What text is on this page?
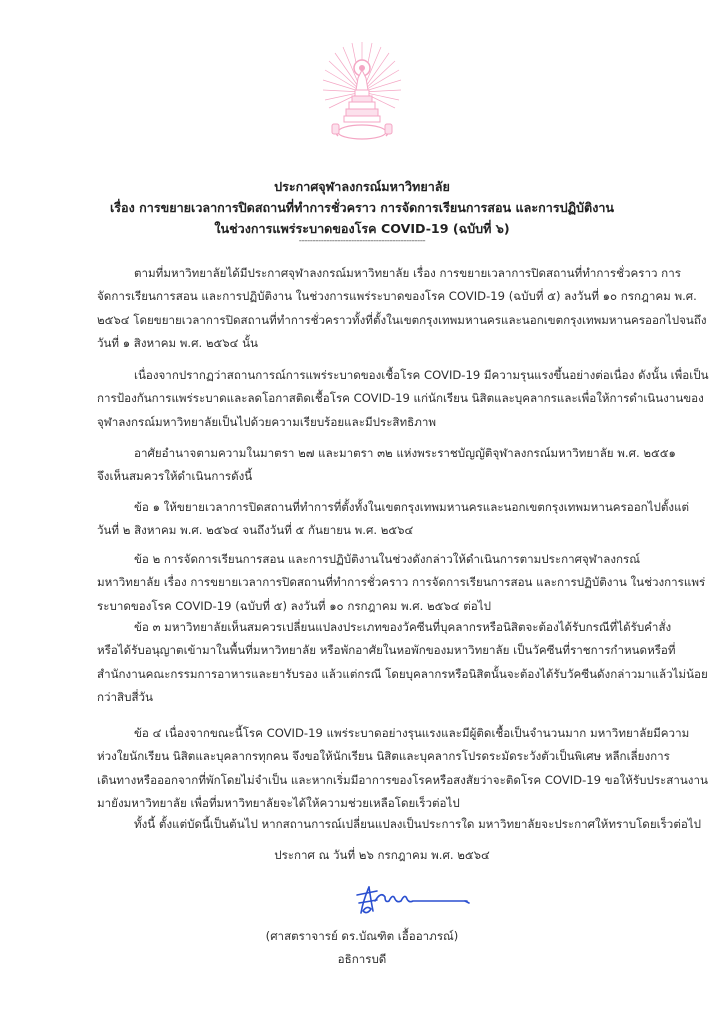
ประกาศจุฬาลงกรณ์มหาวิทยาลัย
เรื่อง การขยายเวลาการปิดสถานที่ทำการชั่วคราว การจัดการเรียนการสอน และการปฏิบัติงาน
ในช่วงการแพร่ระบาดของโรค COVID-19 (ฉบับที่ ๖)
----------------------------------------------
ตามที่มหาวิทยาลัยได้มีประกาศจุฬาลงกรณ์มหาวิทยาลัย เรื่อง การขยายเวลาการปิดสถานที่ทำการชั่วคราว การ
จัดการเรียนการสอน และการปฏิบัติงาน ในช่วงการแพร่ระบาดของโรค COVID-19 (ฉบับที่ ๕) ลงวันที่ ๑๐ กรกฎาคม พ.ศ.
๒๕๖๔ โดยขยายเวลาการปิดสถานที่ทำการชั่วคราวทั้งที่ตั้งในเขตกรุงเทพมหานครและนอกเขตกรุงเทพมหานครออกไปจนถึง
วันที่ ๑ สิงหาคม พ.ศ. ๒๕๖๔ นั้น
เนื่องจากปรากฏว่าสถานการณ์การแพร่ระบาดของเชื้อโรค COVID-19 มีความรุนแรงขึ้นอย่างต่อเนื่อง ดังนั้น เพื่อเป็น
การป้องกันการแพร่ระบาดและลดโอกาสติดเชื้อโรค COVID-19 แก่นักเรียน นิสิตและบุคลากรและเพื่อให้การดำเนินงานของ
จุฬาลงกรณ์มหาวิทยาลัยเป็นไปด้วยความเรียบร้อยและมีประสิทธิภาพ
อาศัยอำนาจตามความในมาตรา ๒๗ และมาตรา ๓๒ แห่งพระราชบัญญัติจุฬาลงกรณ์มหาวิทยาลัย พ.ศ. ๒๕๕๑
จึงเห็นสมควรให้ดำเนินการดังนี้
ข้อ ๑ ให้ขยายเวลาการปิดสถานที่ทำการที่ตั้งทั้งในเขตกรุงเทพมหานครและนอกเขตกรุงเทพมหานครออกไปตั้งแต่
วันที่ ๒ สิงหาคม พ.ศ. ๒๕๖๔ จนถึงวันที่ ๕ กันยายน พ.ศ. ๒๕๖๔
ข้อ ๒ การจัดการเรียนการสอน และการปฏิบัติงานในช่วงดังกล่าวให้ดำเนินการตามประกาศจุฬาลงกรณ์
มหาวิทยาลัย เรื่อง การขยายเวลาการปิดสถานที่ทำการชั่วคราว การจัดการเรียนการสอน และการปฏิบัติงาน ในช่วงการแพร่
ระบาดของโรค COVID-19 (ฉบับที่ ๕) ลงวันที่ ๑๐ กรกฎาคม พ.ศ. ๒๕๖๔ ต่อไป
ข้อ ๓ มหาวิทยาลัยเห็นสมควรเปลี่ยนแปลงประเภทของวัคซีนที่บุคลากรหรือนิสิตจะต้องได้รับกรณีที่ได้รับคำสั่ง
หรือได้รับอนุญาตเข้ามาในพื้นที่มหาวิทยาลัย หรือพักอาศัยในหอพักของมหาวิทยาลัย เป็นวัคซีนที่ราชการกำหนดหรือที่
สำนักงานคณะกรรมการอาหารและยารับรอง แล้วแต่กรณี โดยบุคลากรหรือนิสิตนั้นจะต้องได้รับวัคซีนดังกล่าวมาแล้วไม่น้อย
กว่าสิบสี่วัน
ข้อ ๔ เนื่องจากขณะนี้โรค COVID-19 แพร่ระบาดอย่างรุนแรงและมีผู้ติดเชื้อเป็นจำนวนมาก มหาวิทยาลัยมีความ
ห่วงใยนักเรียน นิสิตและบุคลากรทุกคน จึงขอให้นักเรียน นิสิตและบุคลากรโปรดระมัดระวังตัวเป็นพิเศษ หลีกเลี่ยงการ
เดินทางหรือออกจากที่พักโดยไม่จำเป็น และหากเริ่มมีอาการของโรคหรือสงสัยว่าจะติดโรค COVID-19 ขอให้รับประสานงาน
มายังมหาวิทยาลัย เพื่อที่มหาวิทยาลัยจะได้ให้ความช่วยเหลือโดยเร็วต่อไป
ทั้งนี้ ตั้งแต่บัดนี้เป็นต้นไป หากสถานการณ์เปลี่ยนแปลงเป็นประการใด มหาวิทยาลัยจะประกาศให้ทราบโดยเร็วต่อไป
ประกาศ ณ วันที่ ๒๖ กรกฎาคม พ.ศ. ๒๕๖๔
(ศาสตราจารย์ ดร.บัณฑิต เอื้ออาภรณ์)
อธิการบดี
